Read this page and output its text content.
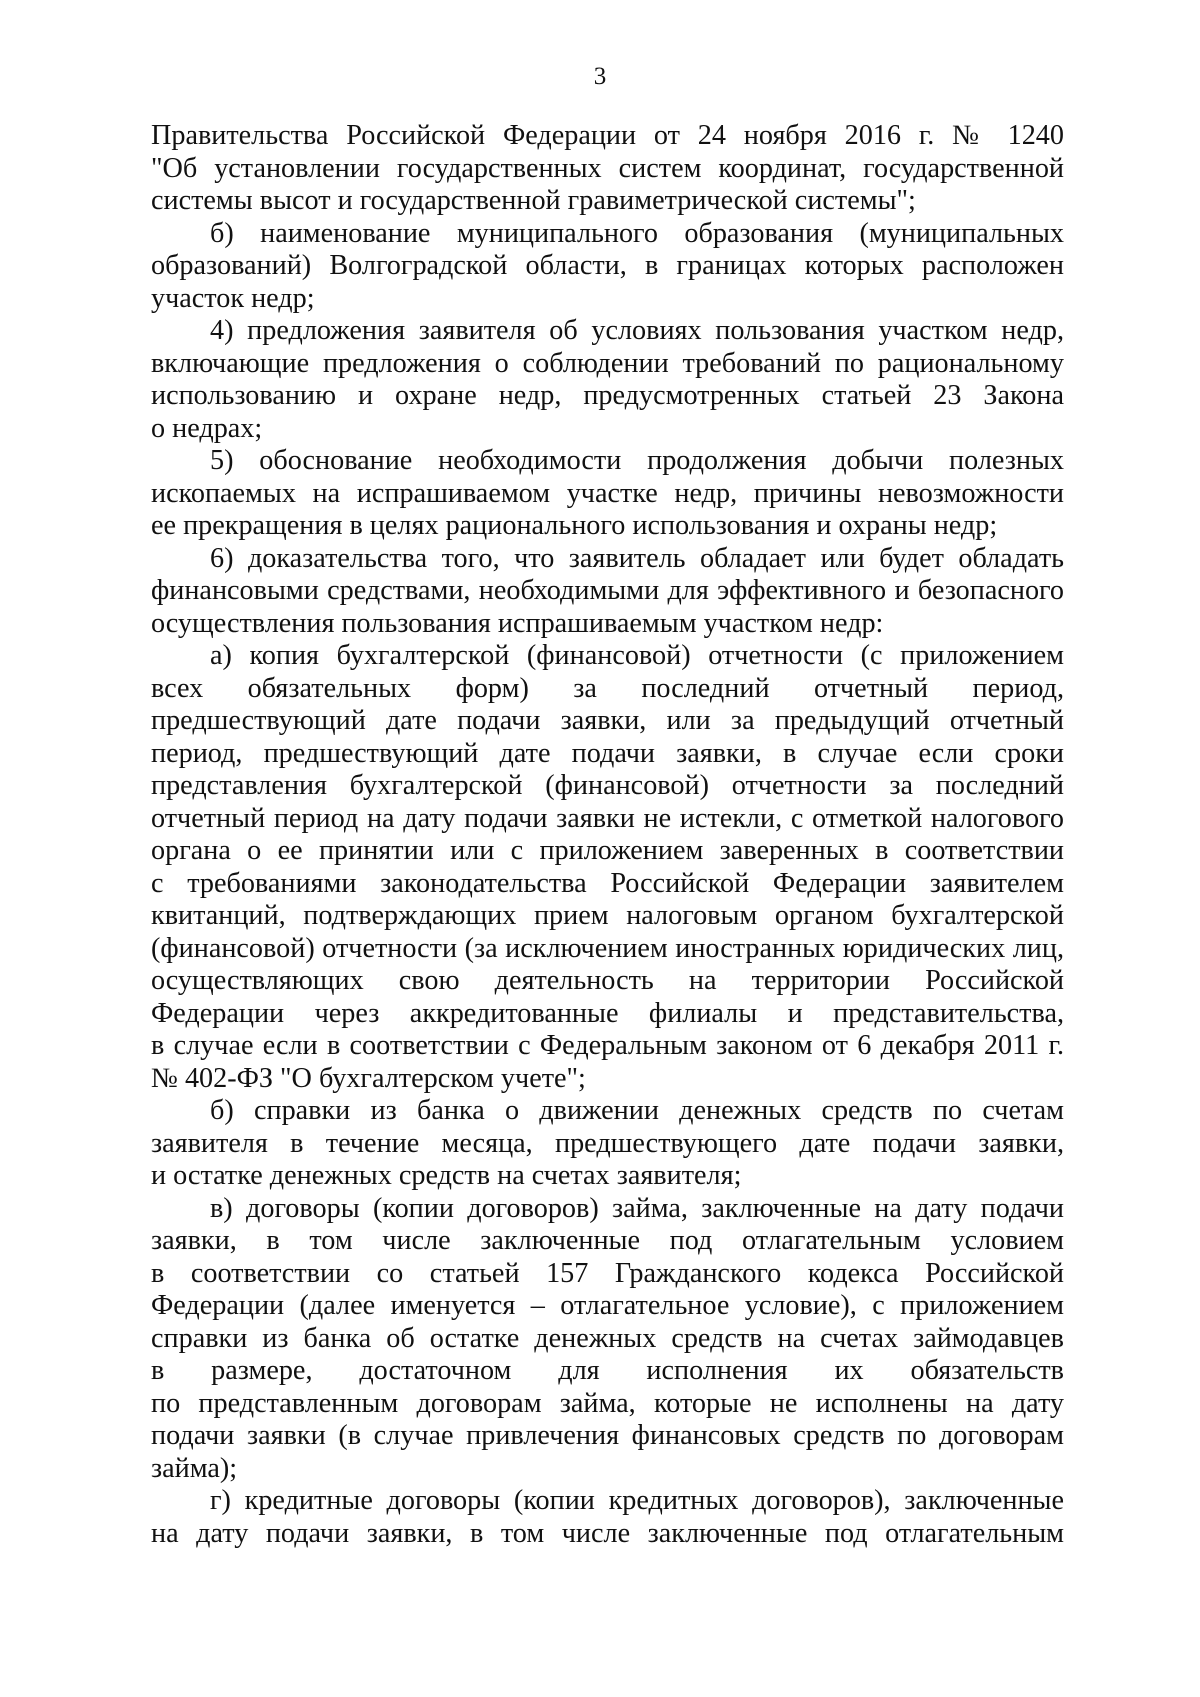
3
Правительства Российской Федерации от 24 ноября 2016 г. № 1240
"Об установлении государственных систем координат, государственной
системы высот и государственной гравиметрической системы";
б) наименование муниципального образования (муниципальных
образований) Волгоградской области, в границах которых расположен
участок недр;
4) предложения заявителя об условиях пользования участком недр,
включающие предложения о соблюдении требований по рациональному
использованию и охране недр, предусмотренных статьей 23 Закона
о недрах;
5) обоснование необходимости продолжения добычи полезных
ископаемых на испрашиваемом участке недр, причины невозможности
ее прекращения в целях рационального использования и охраны недр;
6) доказательства того, что заявитель обладает или будет обладать
финансовыми средствами, необходимыми для эффективного и безопасного
осуществления пользования испрашиваемым участком недр:
а) копия бухгалтерской (финансовой) отчетности (с приложением
всех обязательных форм) за последний отчетный период,
предшествующий дате подачи заявки, или за предыдущий отчетный
период, предшествующий дате подачи заявки, в случае если сроки
представления бухгалтерской (финансовой) отчетности за последний
отчетный период на дату подачи заявки не истекли, с отметкой налогового
органа о ее принятии или с приложением заверенных в соответствии
с требованиями законодательства Российской Федерации заявителем
квитанций, подтверждающих прием налоговым органом бухгалтерской
(финансовой) отчетности (за исключением иностранных юридических лиц,
осуществляющих свою деятельность на территории Российской
Федерации через аккредитованные филиалы и представительства,
в случае если в соответствии с Федеральным законом от 6 декабря 2011 г.
№ 402-ФЗ "О бухгалтерском учете";
б) справки из банка о движении денежных средств по счетам
заявителя в течение месяца, предшествующего дате подачи заявки,
и остатке денежных средств на счетах заявителя;
в) договоры (копии договоров) займа, заключенные на дату подачи
заявки, в том числе заключенные под отлагательным условием
в соответствии со статьей 157 Гражданского кодекса Российской
Федерации (далее именуется – отлагательное условие), с приложением
справки из банка об остатке денежных средств на счетах займодавцев
в размере, достаточном для исполнения их обязательств
по представленным договорам займа, которые не исполнены на дату
подачи заявки (в случае привлечения финансовых средств по договорам
займа);
г) кредитные договоры (копии кредитных договоров), заключенные
на дату подачи заявки, в том числе заключенные под отлагательным
